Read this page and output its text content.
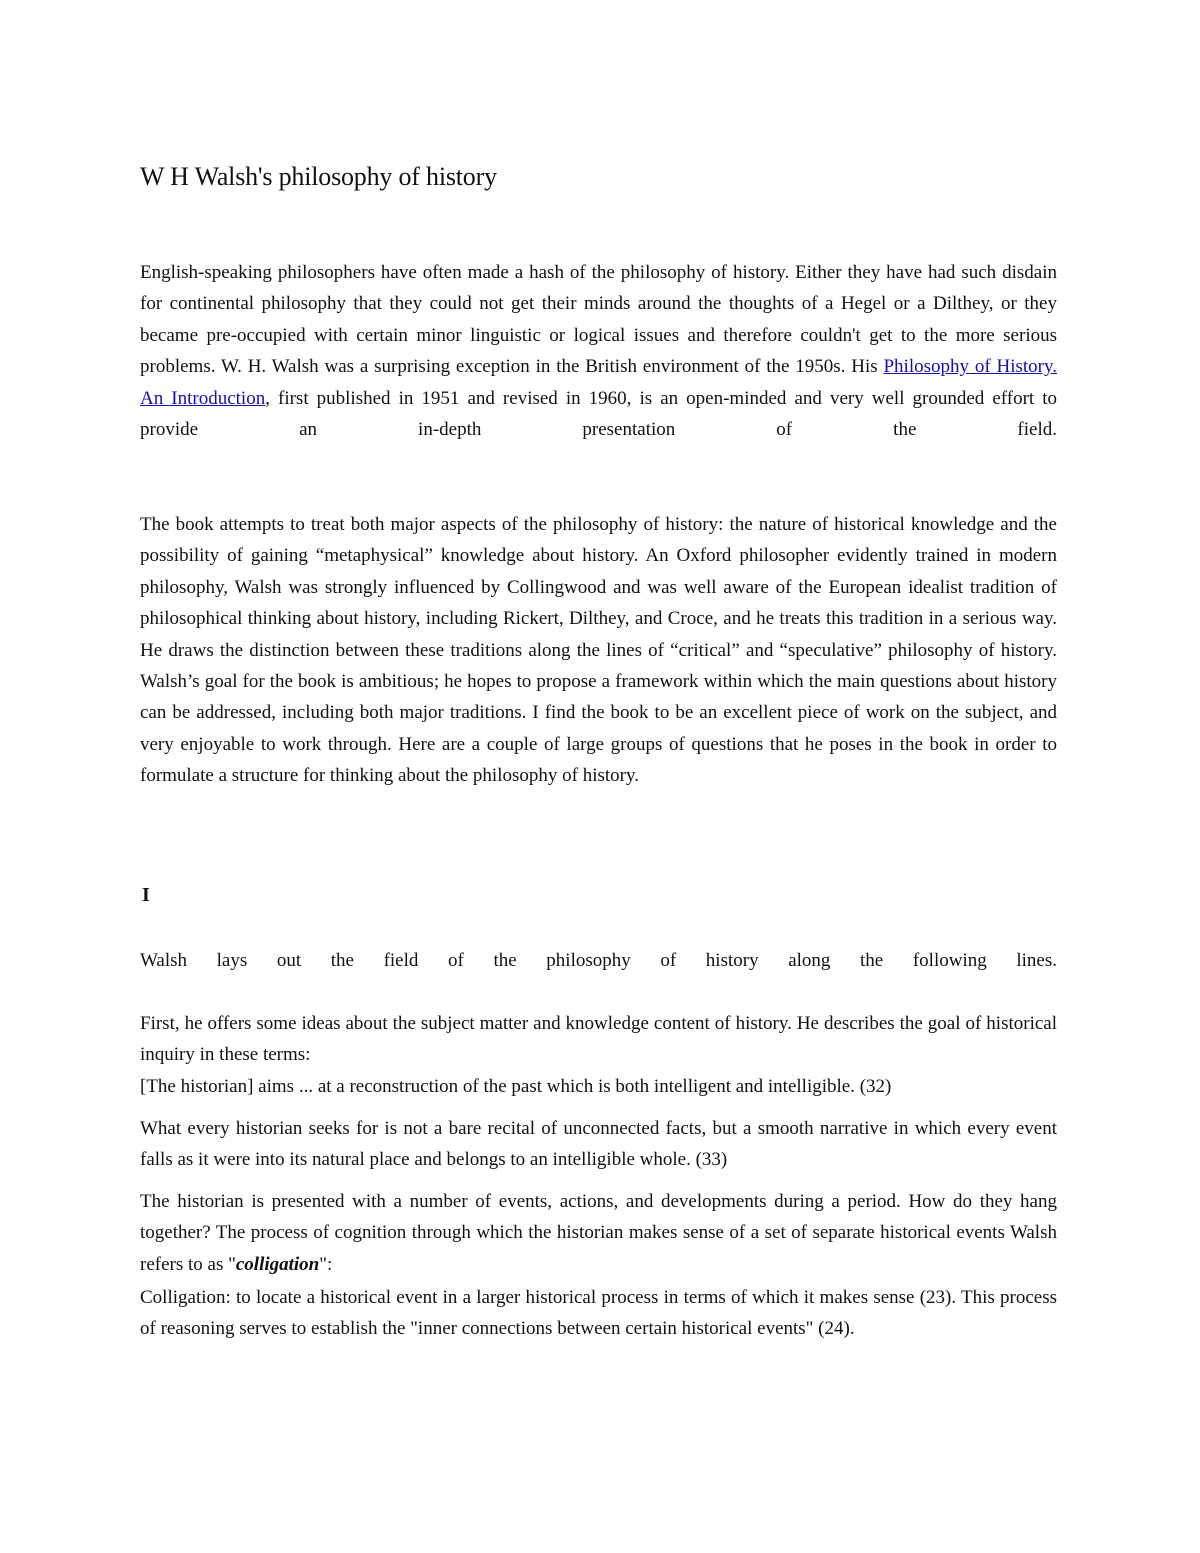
W H Walsh's philosophy of history

English-speaking philosophers have often made a hash of the philosophy of history. Either they have had such disdain for continental philosophy that they could not get their minds around the thoughts of a Hegel or a Dilthey, or they became pre-occupied with certain minor linguistic or logical issues and therefore couldn't get to the more serious problems. W. H. Walsh was a surprising exception in the British environment of the 1950s. His Philosophy of History. An Introduction, first published in 1951 and revised in 1960, is an open-minded and very well grounded effort to provide an in-depth presentation of the field.

The book attempts to treat both major aspects of the philosophy of history: the nature of historical knowledge and the possibility of gaining “metaphysical” knowledge about history. An Oxford philosopher evidently trained in modern philosophy, Walsh was strongly influenced by Collingwood and was well aware of the European idealist tradition of philosophical thinking about history, including Rickert, Dilthey, and Croce, and he treats this tradition in a serious way. He draws the distinction between these traditions along the lines of “critical” and “speculative” philosophy of history. Walsh’s goal for the book is ambitious; he hopes to propose a framework within which the main questions about history can be addressed, including both major traditions. I find the book to be an excellent piece of work on the subject, and very enjoyable to work through. Here are a couple of large groups of questions that he poses in the book in order to formulate a structure for thinking about the philosophy of history.

I

Walsh lays out the field of the philosophy of history along the following lines.

First, he offers some ideas about the subject matter and knowledge content of history. He describes the goal of historical inquiry in these terms:

[The historian] aims ... at a reconstruction of the past which is both intelligent and intelligible. (32)

What every historian seeks for is not a bare recital of unconnected facts, but a smooth narrative in which every event falls as it were into its natural place and belongs to an intelligible whole. (33)

The historian is presented with a number of events, actions, and developments during a period. How do they hang together? The process of cognition through which the historian makes sense of a set of separate historical events Walsh refers to as "colligation":

Colligation: to locate a historical event in a larger historical process in terms of which it makes sense (23). This process of reasoning serves to establish the "inner connections between certain historical events" (24).
